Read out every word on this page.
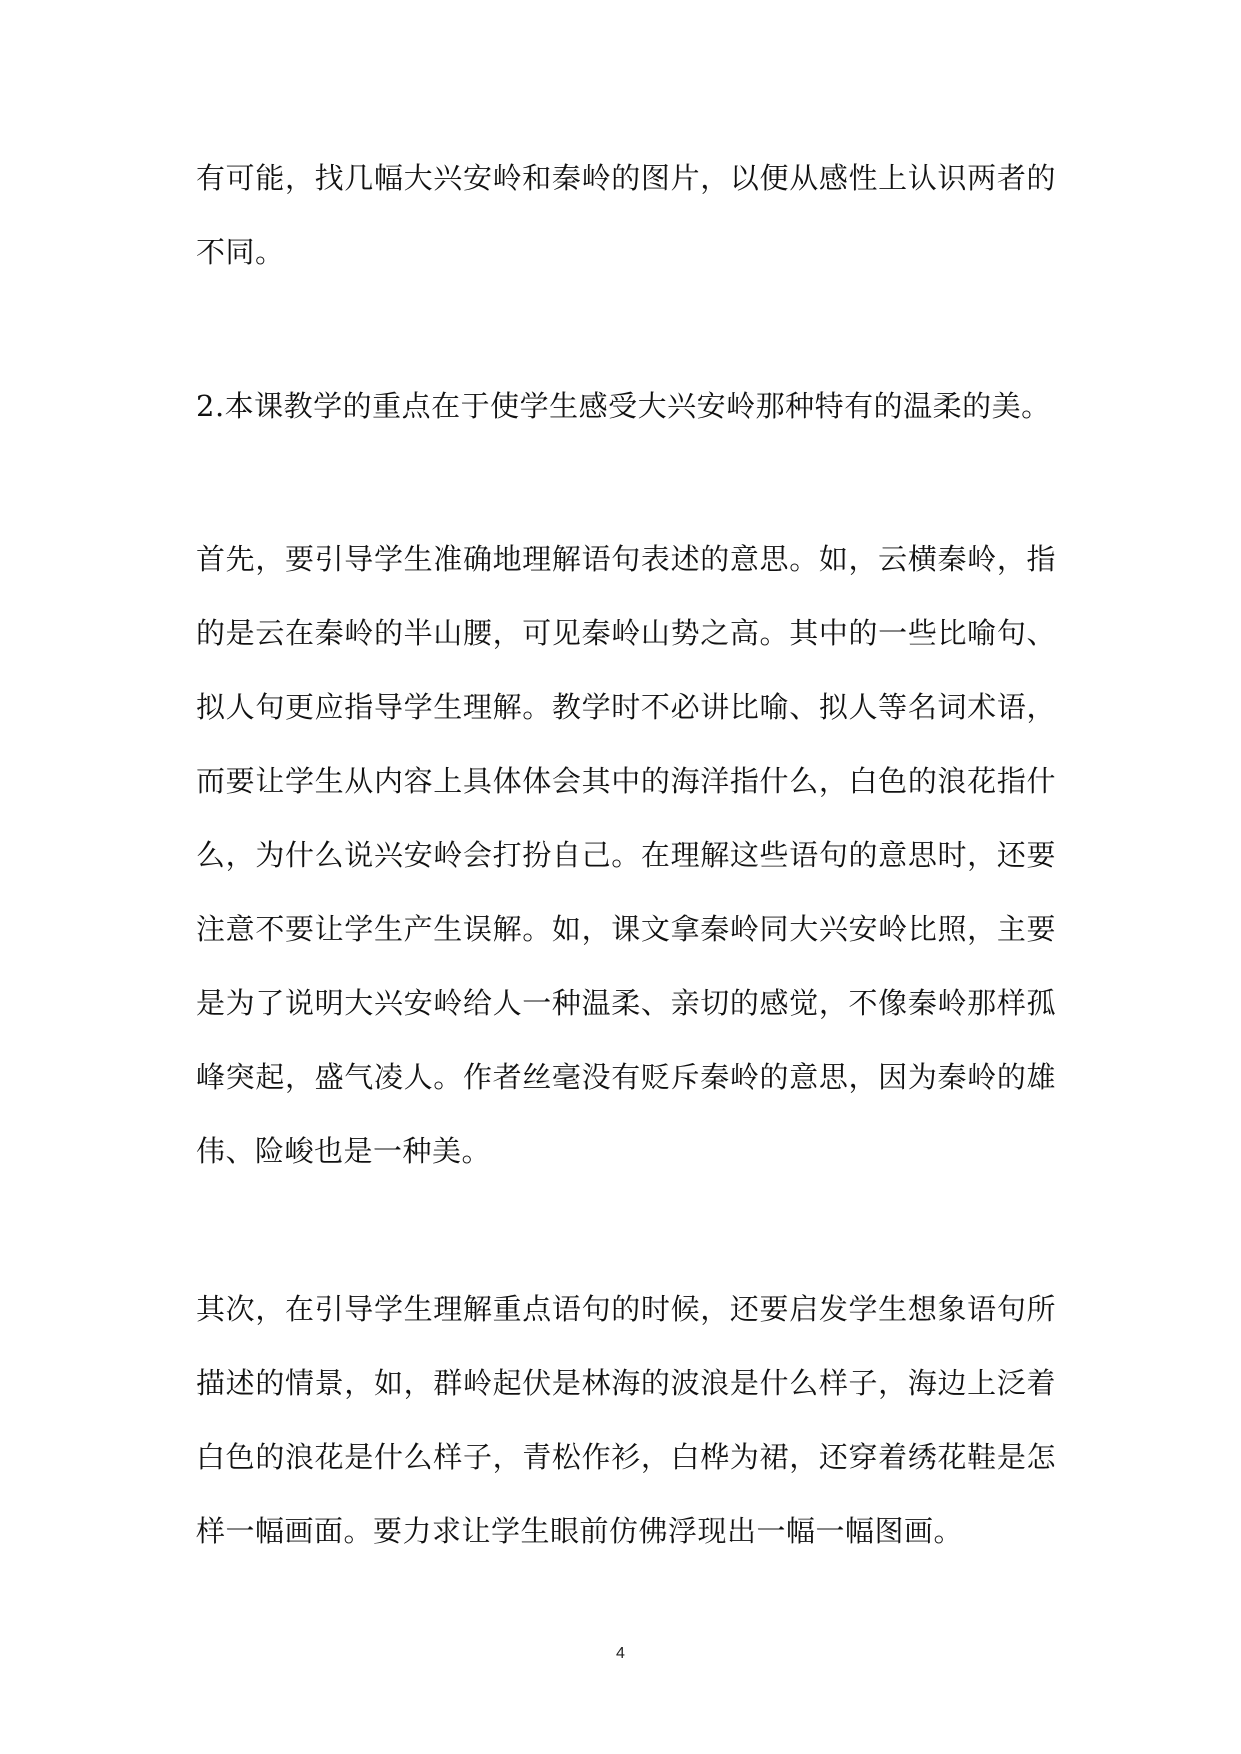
有可能，找几幅大兴安岭和秦岭的图片，以便从感性上认识两者的不同。

2.本课教学的重点在于使学生感受大兴安岭那种特有的温柔的美。

首先，要引导学生准确地理解语句表述的意思。如，云横秦岭，指的是云在秦岭的半山腰，可见秦岭山势之高。其中的一些比喻句、拟人句更应指导学生理解。教学时不必讲比喻、拟人等名词术语，而要让学生从内容上具体体会其中的海洋指什么，白色的浪花指什么，为什么说兴安岭会打扮自己。在理解这些语句的意思时，还要注意不要让学生产生误解。如，课文拿秦岭同大兴安岭比照，主要是为了说明大兴安岭给人一种温柔、亲切的感觉，不像秦岭那样孤峰突起，盛气凌人。作者丝毫没有贬斥秦岭的意思，因为秦岭的雄伟、险峻也是一种美。

其次，在引导学生理解重点语句的时候，还要启发学生想象语句所描述的情景，如，群岭起伏是林海的波浪是什么样子，海边上泛着白色的浪花是什么样子，青松作衫，白桦为裙，还穿着绣花鞋是怎样一幅画面。要力求让学生眼前仿佛浮现出一幅一幅图画。

4
